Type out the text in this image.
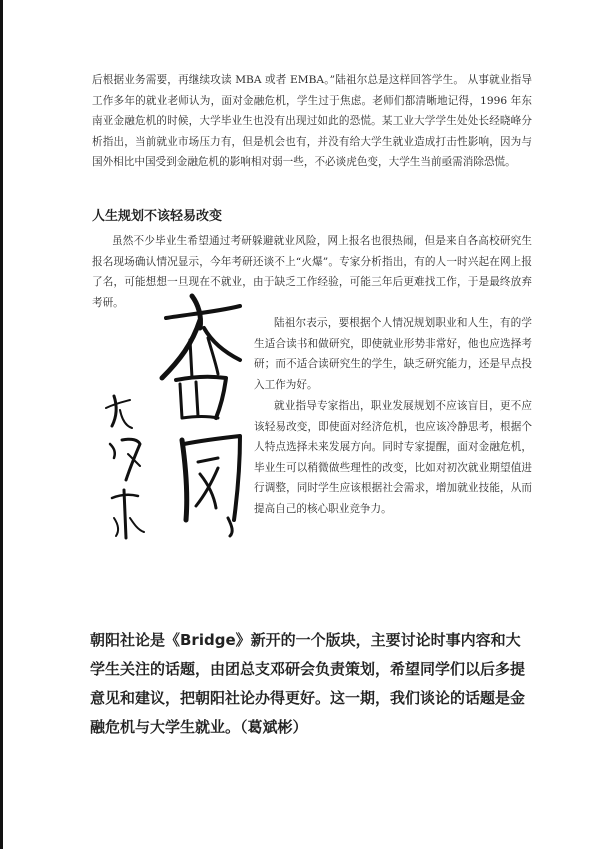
后根据业务需要，再继续攻读 MBA 或者 EMBA。”陆祖尔总是这样回答学生。 从事就业指导工作多年的就业老师认为，面对金融危机，学生过于焦虑。老师们都清晰地记得，1996 年东南亚金融危机的时候，大学毕业生也没有出现过如此的恐慌。某工业大学学生处处长经晓峰分析指出，当前就业市场压力有，但是机会也有，并没有给大学生就业造成打击性影响，因为与国外相比中国受到金融危机的影响相对弱一些，不必谈虎色变，大学生当前亟需消除恐慌。

人生规划不该轻易改变

虽然不少毕业生希望通过考研躲避就业风险，网上报名也很热闹，但是来自各高校研究生报名现场确认情况显示，今年考研还谈不上“火爆”。专家分析指出，有的人一时兴起在网上报了名，可能想想一旦现在不就业，由于缺乏工作经验，可能三年后更难找工作，于是最终放弃考研。

陆祖尔表示，要根据个人情况规划职业和人生，有的学生适合读书和做研究，即使就业形势非常好，他也应选择考研；而不适合读研究生的学生，缺乏研究能力，还是早点投入工作为好。

就业指导专家指出，职业发展规划不应该盲目，更不应该轻易改变，即使面对经济危机，也应该冷静思考，根据个人特点选择未来发展方向。同时专家提醒，面对金融危机，毕业生可以稍微做些理性的改变，比如对初次就业期望值进行调整，同时学生应该根据社会需求，增加就业技能，从而提高自己的核心职业竞争力。

朝阳社论是《Bridge》新开的一个版块，主要讨论时事内容和大学生关注的话题，由团总支邓研会负责策划，希望同学们以后多提意见和建议，把朝阳社论办得更好。这一期，我们谈论的话题是金融危机与大学生就业。（葛斌彬）
